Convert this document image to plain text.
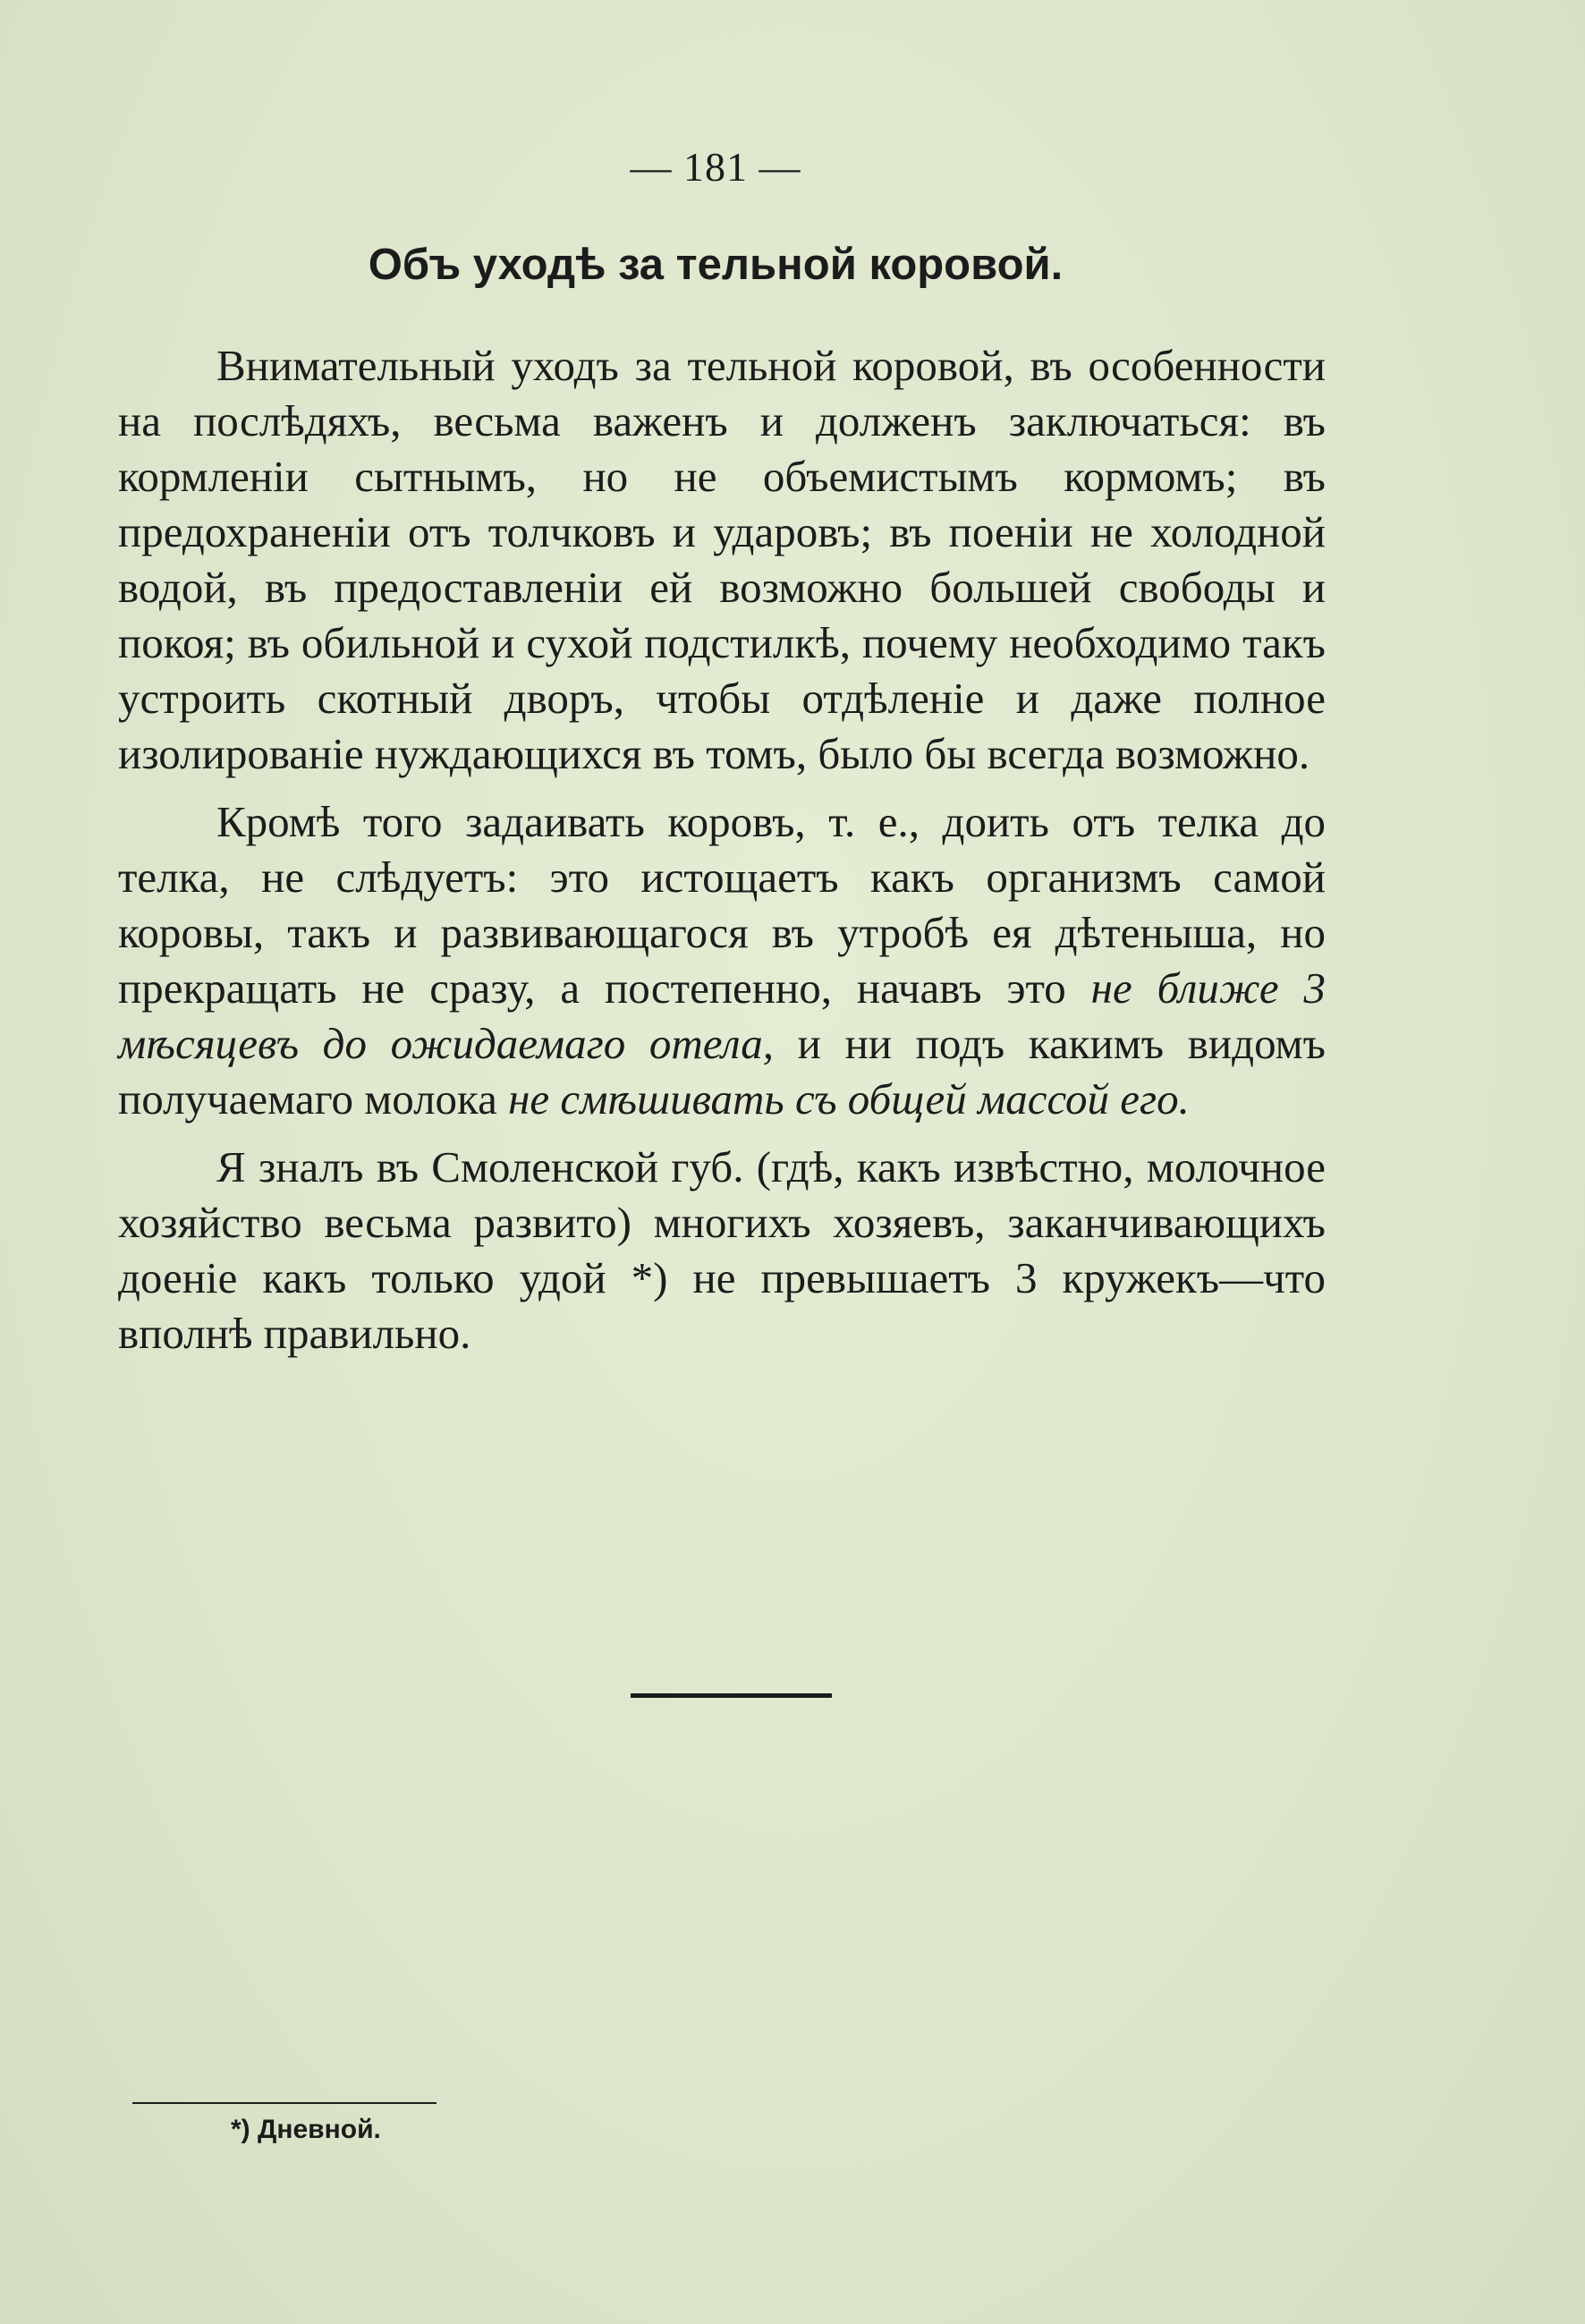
— 181 —
Объ уходѣ за тельной коровой.

Внимательный уходъ за тельной коровой, въ особенности на послѣдяхъ, весьма важенъ и долженъ заключаться: въ кормленіи сытнымъ, но не объемистымъ кормомъ; въ предохраненіи отъ толчковъ и ударовъ; въ поеніи не холодной водой, въ предоставленіи ей возможно большей свободы и покоя; въ обильной и сухой подстилкѣ, почему необходимо такъ устроить скотный дворъ, чтобы отдѣленіе и даже полное изолированіе нуждающихся въ томъ, было бы всегда возможно.

Кромѣ того задаивать коровъ, т. е., доить отъ телка до телка, не слѣдуетъ: это истощаетъ какъ организмъ самой коровы, такъ и развивающагося въ утробѣ ея дѣтеныша, но прекращать не сразу, а постепенно, начавъ это не ближе 3 мѣсяцевъ до ожидаемаго отела, и ни подъ какимъ видомъ получаемаго молока не смѣшивать съ общей массой его.

Я зналъ въ Смоленской губ. (гдѣ, какъ извѣстно, молочное хозяйство весьма развито) многихъ хозяевъ, заканчивающихъ доеніе какъ только удой *) не превышаетъ 3 кружекъ—что вполнѣ правильно.

*) Дневной.
